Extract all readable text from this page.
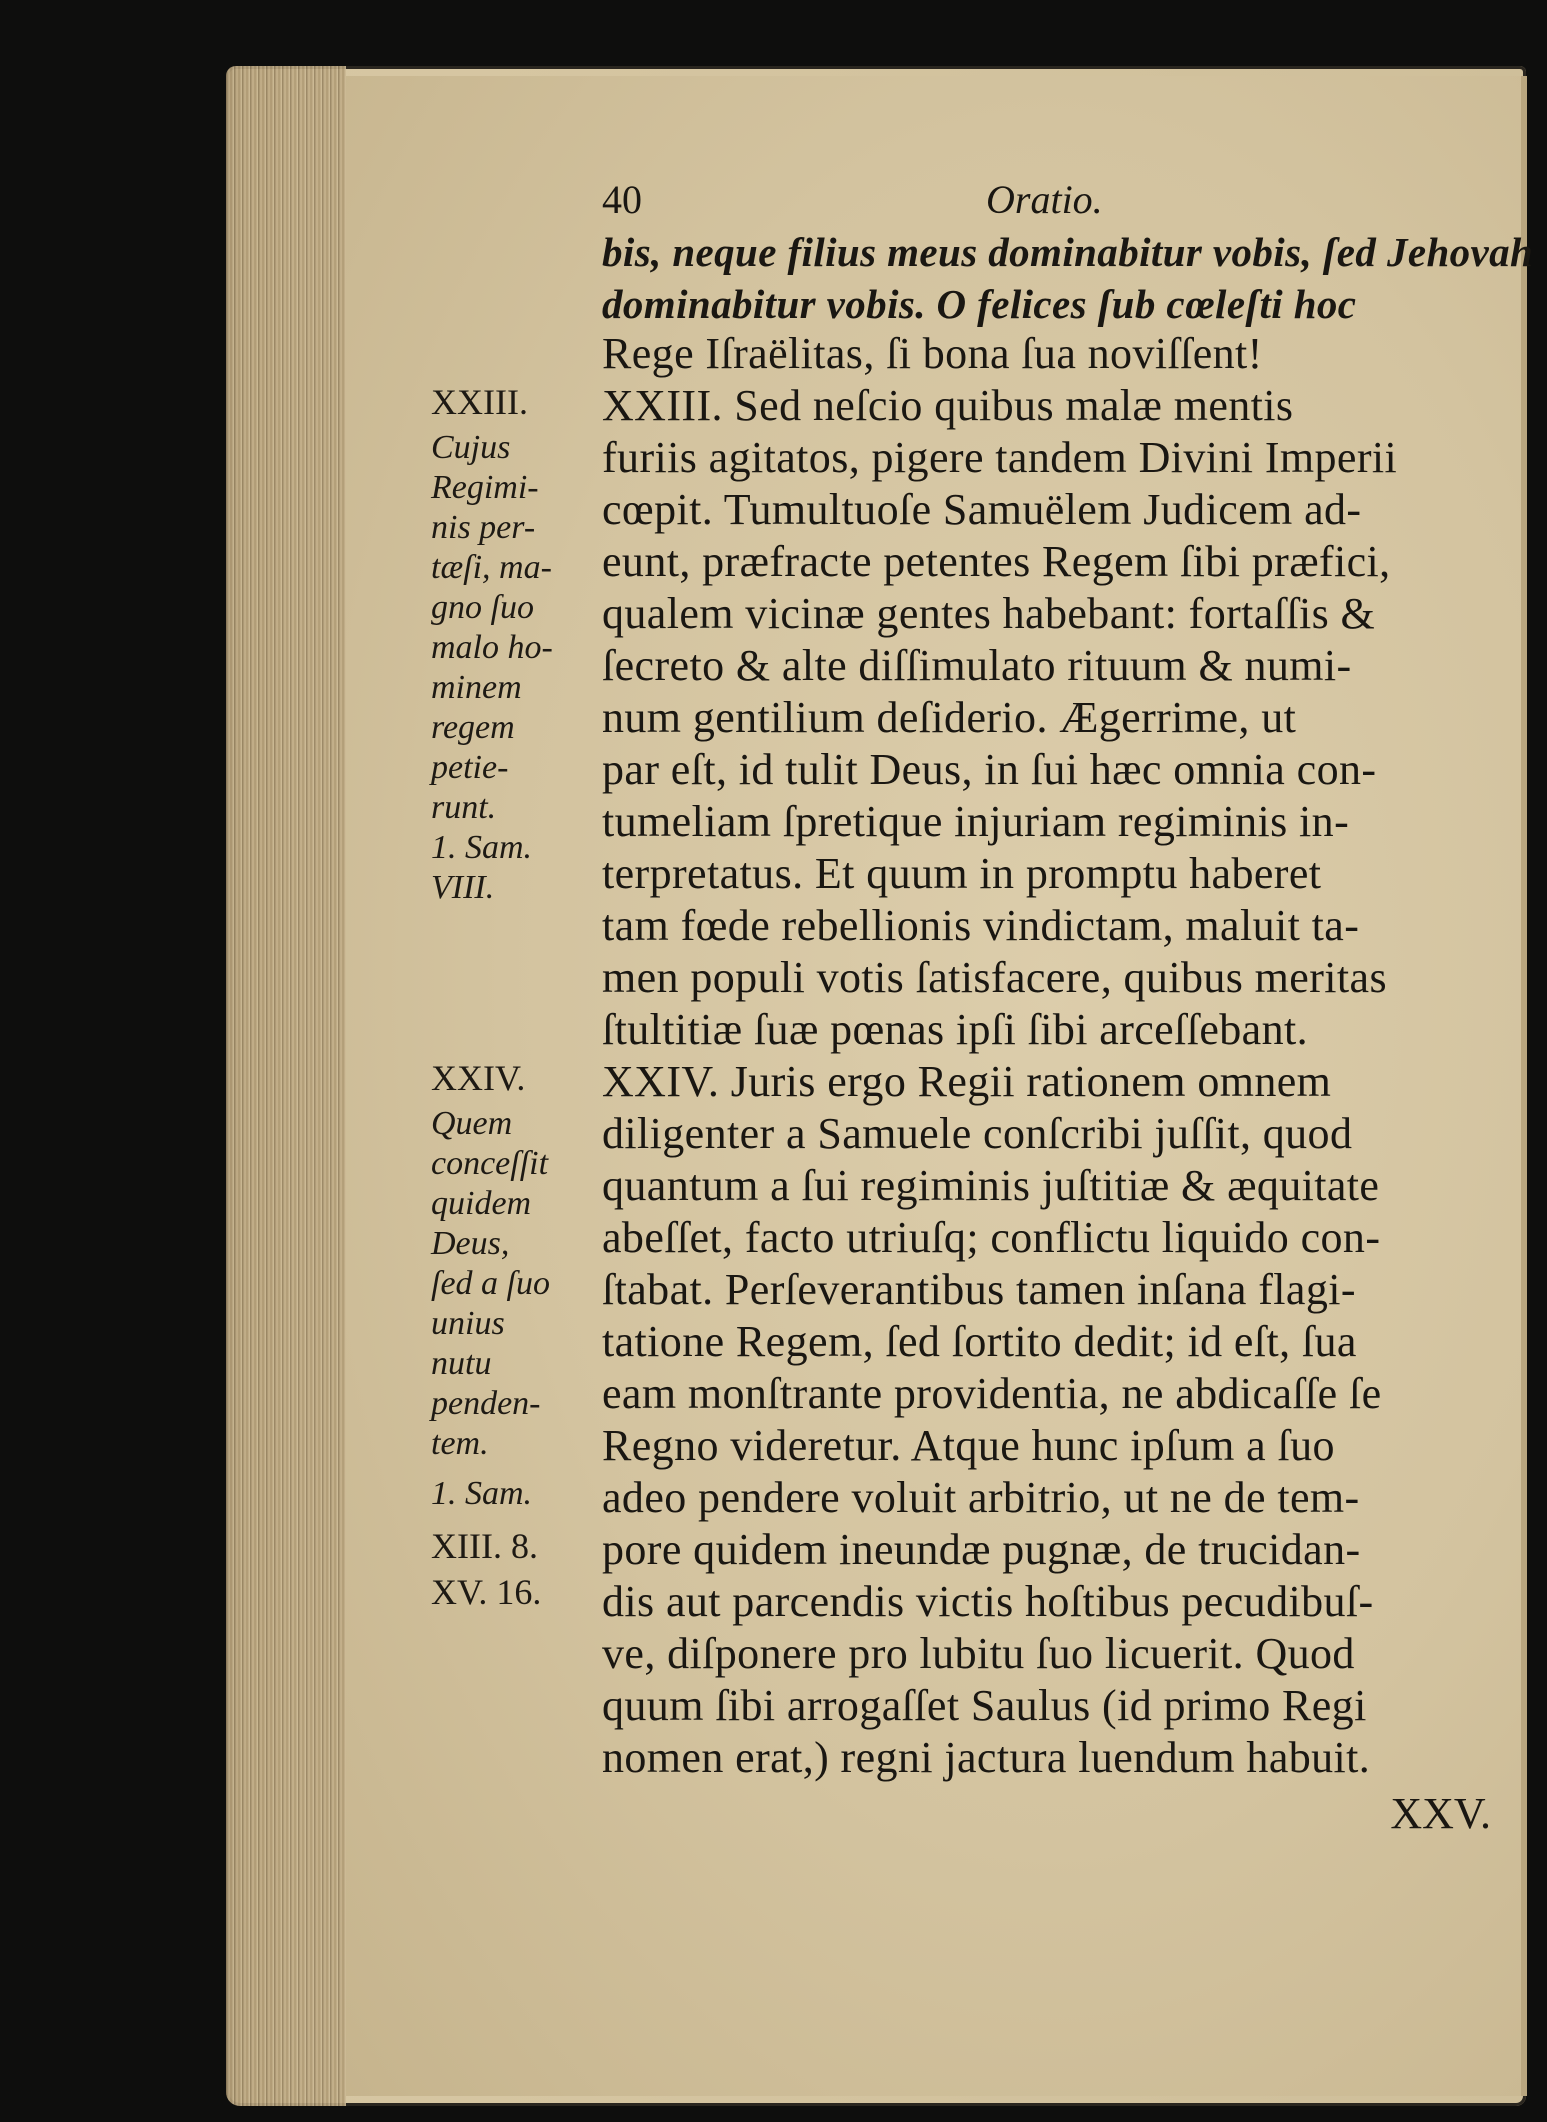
40	Oratio.
bis, neque filius meus dominabitur vobis, ſed Jehovah
dominabitur vobis. O felices ſub cœleſti hoc
Rege Iſraëlitas, ſi bona ſua noviſſent!
XXIII. Sed neſcio quibus malæ mentis
furiis agitatos, pigere tandem Divini Imperii
cœpit. Tumultuoſe Samuëlem Judicem ad-
eunt, præfracte petentes Regem ſibi præfici,
qualem vicinæ gentes habebant: fortaſſis &
ſecreto & alte diſſimulato rituum & numi-
num gentilium deſiderio. Ægerrime, ut
par eſt, id tulit Deus, in ſui hæc omnia con-
tumeliam ſpretique injuriam regiminis in-
terpretatus. Et quum in promptu haberet
tam fœde rebellionis vindictam, maluit ta-
men populi votis ſatisfacere, quibus meritas
ſtultitiæ ſuæ pœnas ipſi ſibi arceſſebant.
XXIV. Juris ergo Regii rationem omnem
diligenter a Samuele conſcribi juſſit, quod
quantum a ſui regiminis juſtitiæ & æquitate
abeſſet, facto utriuſq; conflictu liquido con-
ſtabat. Perſeverantibus tamen inſana flagi-
tatione Regem, ſed ſortito dedit; id eſt, ſua
eam monſtrante providentia, ne abdicaſſe ſe
Regno videretur. Atque hunc ipſum a ſuo
adeo pendere voluit arbitrio, ut ne de tem-
pore quidem ineundæ pugnæ, de trucidan-
dis aut parcendis victis hoſtibus pecudibuſ-
ve, diſponere pro lubitu ſuo licuerit. Quod
quum ſibi arrogaſſet Saulus (id primo Regi
nomen erat,) regni jactura luendum habuit.
XXV.
XXIII.
Cujus
Regimi-
nis per-
tæſi, ma-
gno ſuo
malo ho-
minem
regem
petie-
runt.
1. Sam.
VIII.
XXIV.
Quem
conceſſit
quidem
Deus,
ſed a ſuo
unius
nutu
penden-
tem.
1. Sam.
XIII. 8.
XV. 16.
